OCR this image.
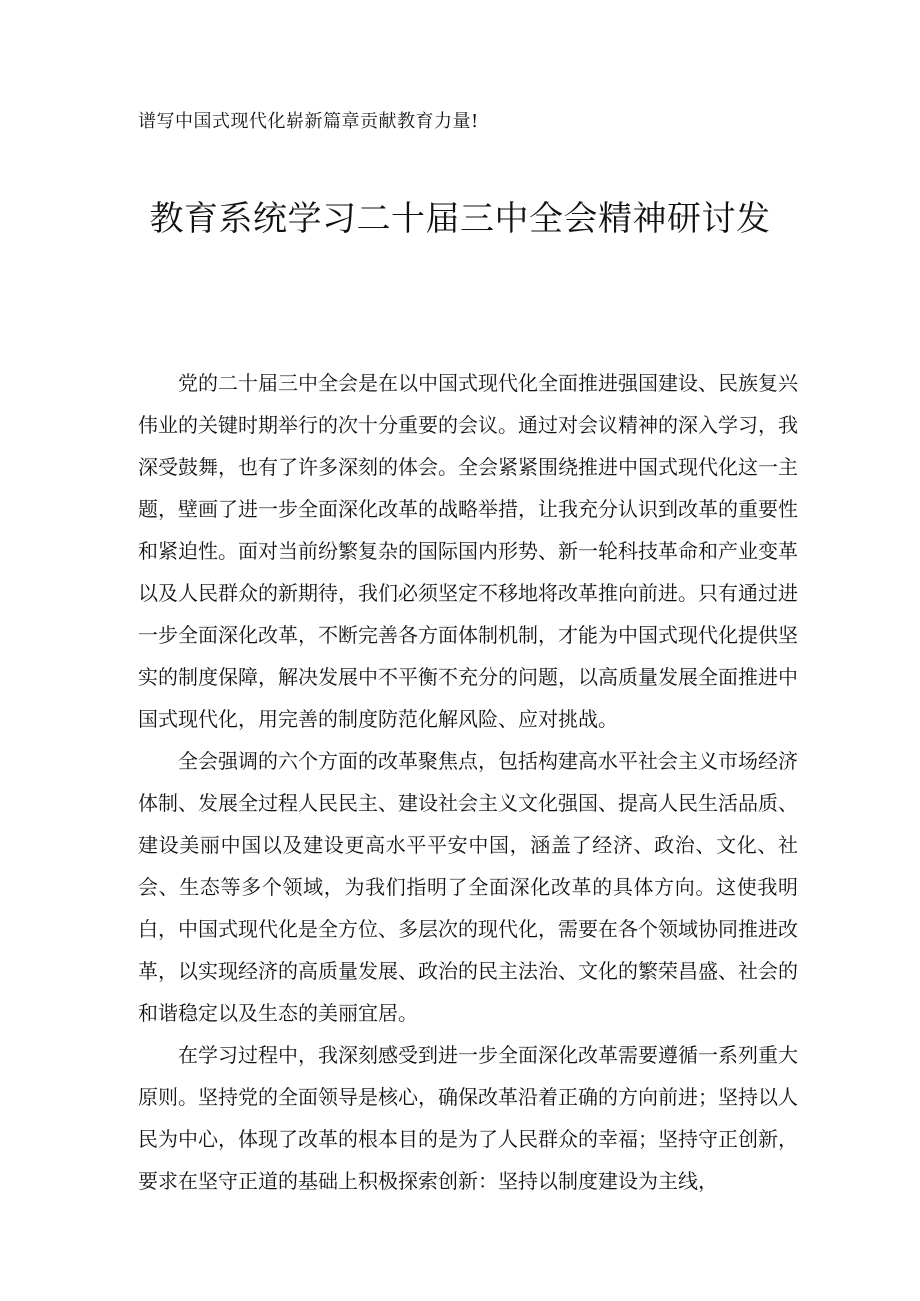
谱写中国式现代化崭新篇章贡献教育力量!
教育系统学习二十届三中全会精神研讨发

党的二十届三中全会是在以中国式现代化全面推进强国建设、民族复兴伟业的关键时期举行的次十分重要的会议。通过对会议精神的深入学习，我深受鼓舞，也有了许多深刻的体会。全会紧紧围绕推进中国式现代化这一主题，壁画了进一步全面深化改革的战略举措，让我充分认识到改革的重要性和紧迫性。面对当前纷繁复杂的国际国内形势、新一轮科技革命和产业变革以及人民群众的新期待，我们必须坚定不移地将改革推向前进。只有通过进一步全面深化改革，不断完善各方面体制机制，才能为中国式现代化提供坚实的制度保障，解决发展中不平衡不充分的问题，以高质量发展全面推进中国式现代化，用完善的制度防范化解风险、应对挑战。

全会强调的六个方面的改革聚焦点，包括构建高水平社会主义市场经济体制、发展全过程人民民主、建设社会主义文化强国、提高人民生活品质、建设美丽中国以及建设更高水平平安中国，涵盖了经济、政治、文化、社会、生态等多个领域，为我们指明了全面深化改革的具体方向。这使我明白，中国式现代化是全方位、多层次的现代化，需要在各个领域协同推进改革，以实现经济的高质量发展、政治的民主法治、文化的繁荣昌盛、社会的和谐稳定以及生态的美丽宜居。

在学习过程中，我深刻感受到进一步全面深化改革需要遵循一系列重大原则。坚持党的全面领导是核心，确保改革沿着正确的方向前进；坚持以人民为中心，体现了改革的根本目的是为了人民群众的幸福；坚持守正创新，要求在坚守正道的基础上积极探索创新：坚持以制度建设为主线，
